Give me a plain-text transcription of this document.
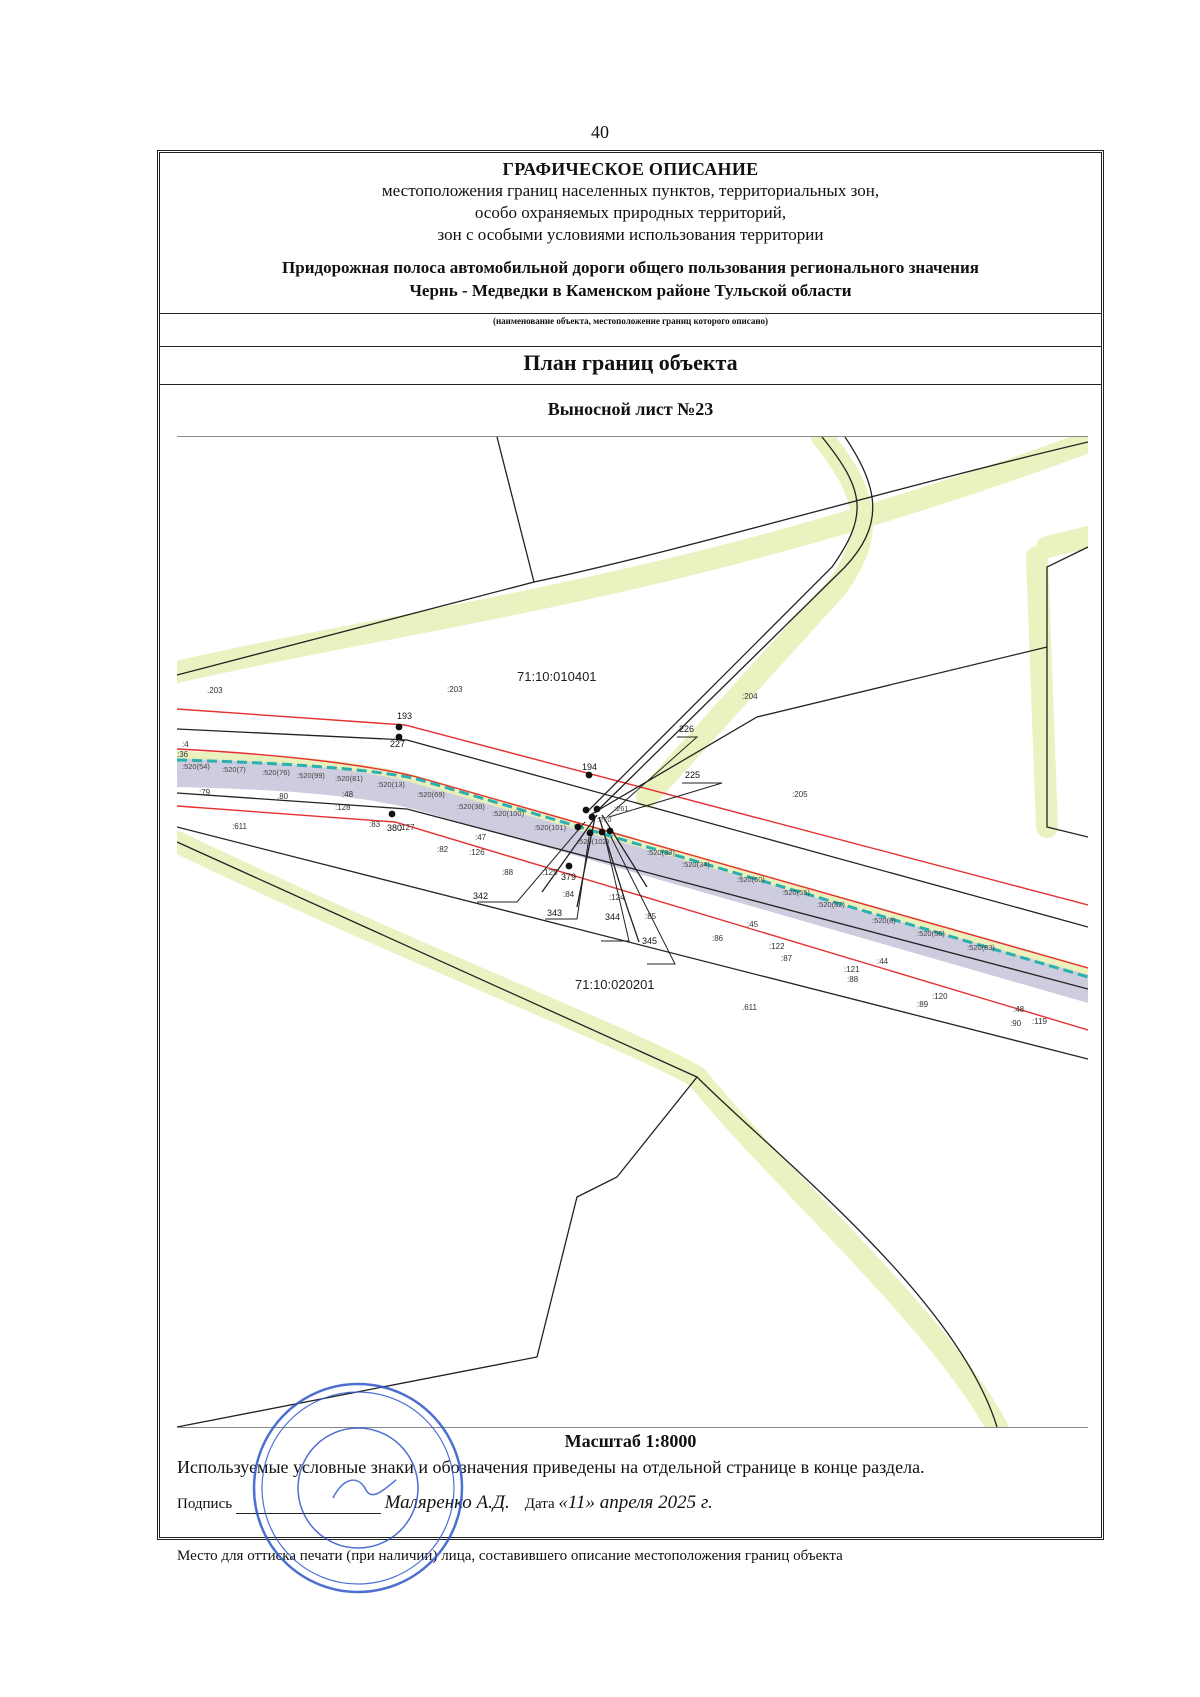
40
ГРАФИЧЕСКОЕ ОПИСАНИЕ
местоположения границ населенных пунктов, территориальных зон,
особо охраняемых природных территорий,
зон с особыми условиями использования территории
Придорожная полоса автомобильной дороги общего пользования регионального значения
Чернь - Медведки в Каменском районе Тульской области
(наименование объекта, местоположение границ которого описано)
План границ объекта
Выносной лист №23
71:10:010401
71:10:020201
193
227
194
226
225
342
343	344
345
379
380
.203	:203
:204
:205
:611
.611
.80
:79	:48
:128
:83 :127
:82
:47
:126
:88	:125
:84	:124
:85
:86
:45
:122
:87
:121
:88
:44
:120
:89
:48
:90 :119
:4
:36
:520(54) :520(7) :520(76) :520(99) :520(81)
:520(100)
:520(69)
:520(101)
:520(102)
:520(38)
:520(33)
:520(34)
:520(60)
:520(55)
:520(82)
:520(8)
:520(56)
:520(83)
:520(13)
:261
:270
Масштаб 1:8000
Используемые условные знаки и обозначения приведены на отдельной странице в конце раздела.
Подпись	Маляренко А.Д. Дата «11» апреля 2025 г.
Место для оттиска печати (при наличии) лица, составившего описание местоположения границ объекта
